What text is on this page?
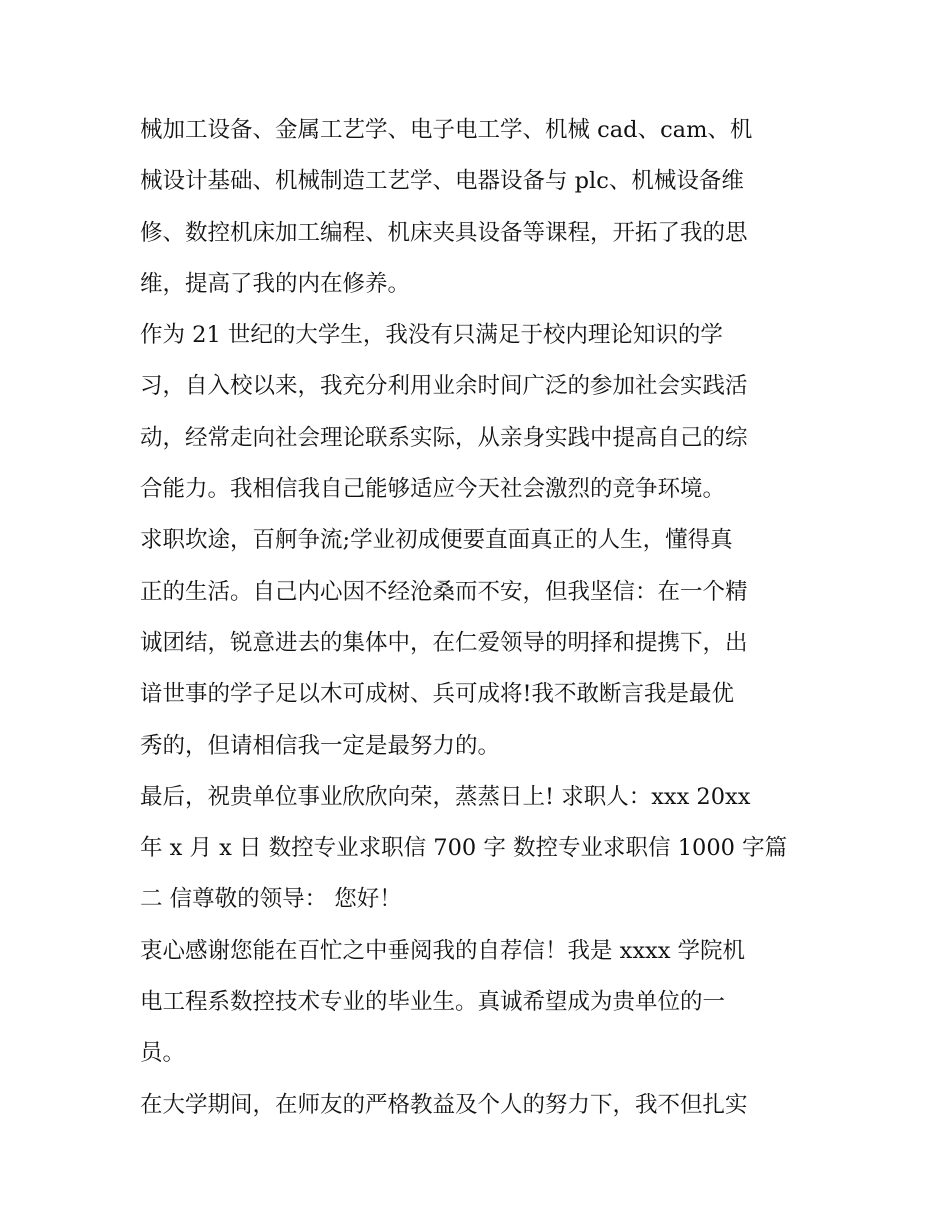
械加工设备、金属工艺学、电子电工学、机械 cad、cam、机
械设计基础、机械制造工艺学、电器设备与 plc、机械设备维
修、数控机床加工编程、机床夹具设备等课程，开拓了我的思
维，提高了我的内在修养。
作为 21 世纪的大学生，我没有只满足于校内理论知识的学
习，自入校以来，我充分利用业余时间广泛的参加社会实践活
动，经常走向社会理论联系实际，从亲身实践中提高自己的综
合能力。我相信我自己能够适应今天社会激烈的竞争环境。
求职坎途，百舸争流;学业初成便要直面真正的人生，懂得真
正的生活。自己内心因不经沧桑而不安，但我坚信：在一个精
诚团结，锐意进去的集体中，在仁爱领导的明择和提携下，出
谙世事的学子足以木可成树、兵可成将!我不敢断言我是最优
秀的，但请相信我一定是最努力的。
最后，祝贵单位事业欣欣向荣，蒸蒸日上! 求职人：xxx 20xx
年 x 月 x 日 数控专业求职信 700 字 数控专业求职信 1000 字篇
二 信尊敬的领导： 您好！
衷心感谢您能在百忙之中垂阅我的自荐信！我是 xxxx 学院机
电工程系数控技术专业的毕业生。真诚希望成为贵单位的一
员。
在大学期间，在师友的严格教益及个人的努力下，我不但扎实
